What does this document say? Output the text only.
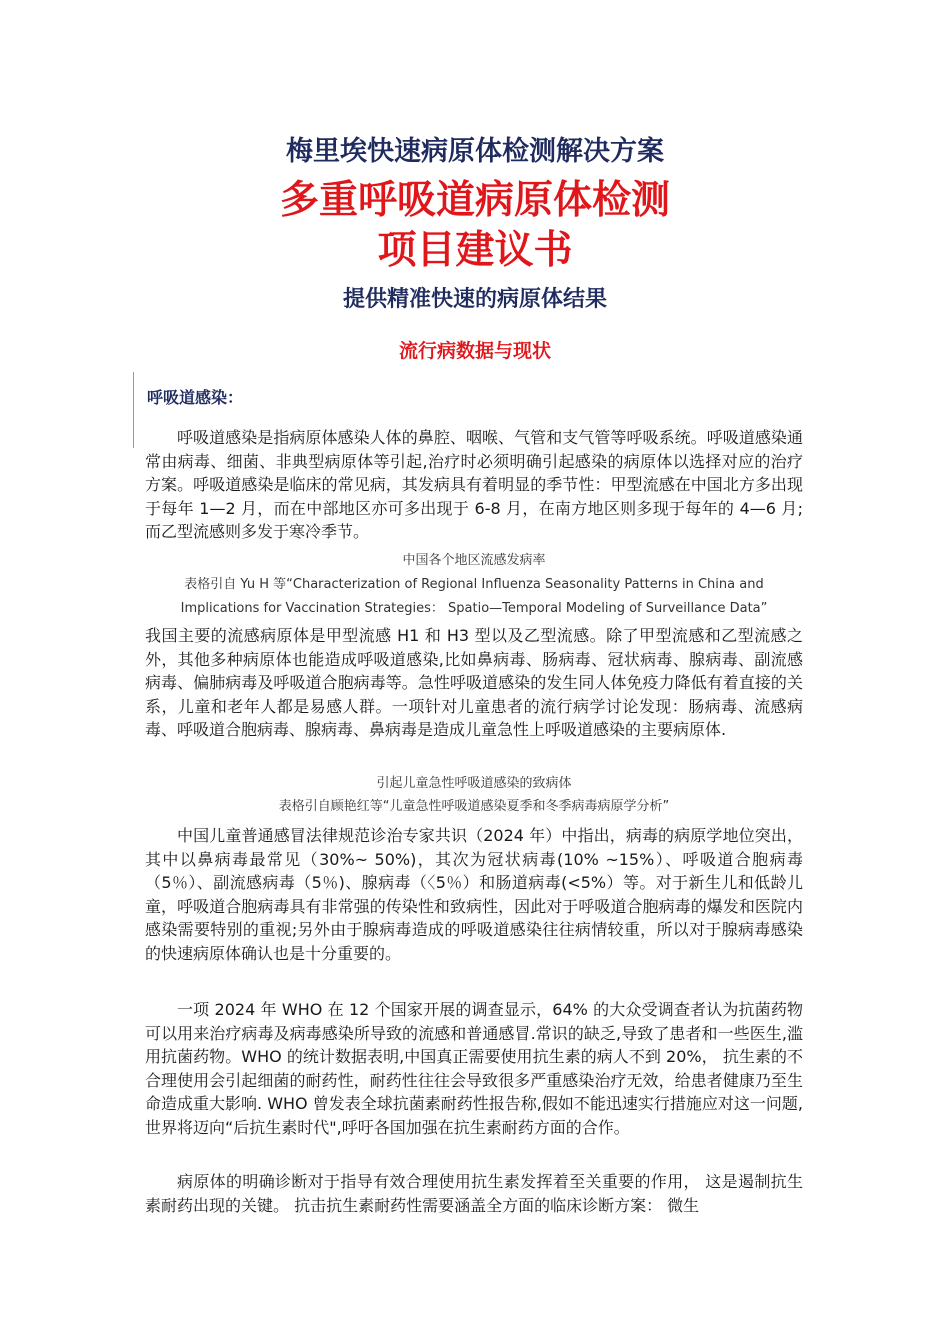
梅里埃快速病原体检测解决方案
多重呼吸道病原体检测
项目建议书
提供精准快速的病原体结果
流行病数据与现状
呼吸道感染：

呼吸道感染是指病原体感染人体的鼻腔、咽喉、气管和支气管等呼吸系统。呼吸道感染通常由病毒、细菌、非典型病原体等引起,治疗时必须明确引起感染的病原体以选择对应的治疗方案。呼吸道感染是临床的常见病，其发病具有着明显的季节性：甲型流感在中国北方多出现于每年 1—2 月，而在中部地区亦可多出现于 6-8 月，在南方地区则多现于每年的 4—6 月;而乙型流感则多发于寒冷季节。

中国各个地区流感发病率

表格引自 Yu H 等“Characterization of Regional Influenza Seasonality Patterns in China and

Implications for Vaccination Strategies： Spatio—Temporal Modeling of Surveillance Data”

我国主要的流感病原体是甲型流感 H1 和 H3 型以及乙型流感。除了甲型流感和乙型流感之外，其他多种病原体也能造成呼吸道感染,比如鼻病毒、肠病毒、冠状病毒、腺病毒、副流感病毒、偏肺病毒及呼吸道合胞病毒等。急性呼吸道感染的发生同人体免疫力降低有着直接的关系，儿童和老年人都是易感人群。一项针对儿童患者的流行病学讨论发现：肠病毒、流感病毒、呼吸道合胞病毒、腺病毒、鼻病毒是造成儿童急性上呼吸道感染的主要病原体.

引起儿童急性呼吸道感染的致病体

表格引自顾艳红等“儿童急性呼吸道感染夏季和冬季病毒病原学分析”

中国儿童普通感冒法律规范诊治专家共识（2024 年）中指出，病毒的病原学地位突出，其中以鼻病毒最常见（30%~ 50%)，其次为冠状病毒(10% ~15%）、呼吸道合胞病毒（5％）、副流感病毒（5％)、腺病毒（〈5％）和肠道病毒(<5%）等。对于新生儿和低龄儿童，呼吸道合胞病毒具有非常强的传染性和致病性，因此对于呼吸道合胞病毒的爆发和医院内感染需要特别的重视;另外由于腺病毒造成的呼吸道感染往往病情较重，所以对于腺病毒感染的快速病原体确认也是十分重要的。

一项 2024 年 WHO 在 12 个国家开展的调查显示，64% 的大众受调查者认为抗菌药物可以用来治疗病毒及病毒感染所导致的流感和普通感冒.常识的缺乏,导致了患者和一些医生,滥用抗菌药物。WHO 的统计数据表明,中国真正需要使用抗生素的病人不到 20%， 抗生素的不合理使用会引起细菌的耐药性，耐药性往往会导致很多严重感染治疗无效，给患者健康乃至生命造成重大影响. WHO 曾发表全球抗菌素耐药性报告称,假如不能迅速实行措施应对这一问题,世界将迈向“后抗生素时代",呼吁各国加强在抗生素耐药方面的合作。

病原体的明确诊断对于指导有效合理使用抗生素发挥着至关重要的作用， 这是遏制抗生素耐药出现的关键。 抗击抗生素耐药性需要涵盖全方面的临床诊断方案： 微生
